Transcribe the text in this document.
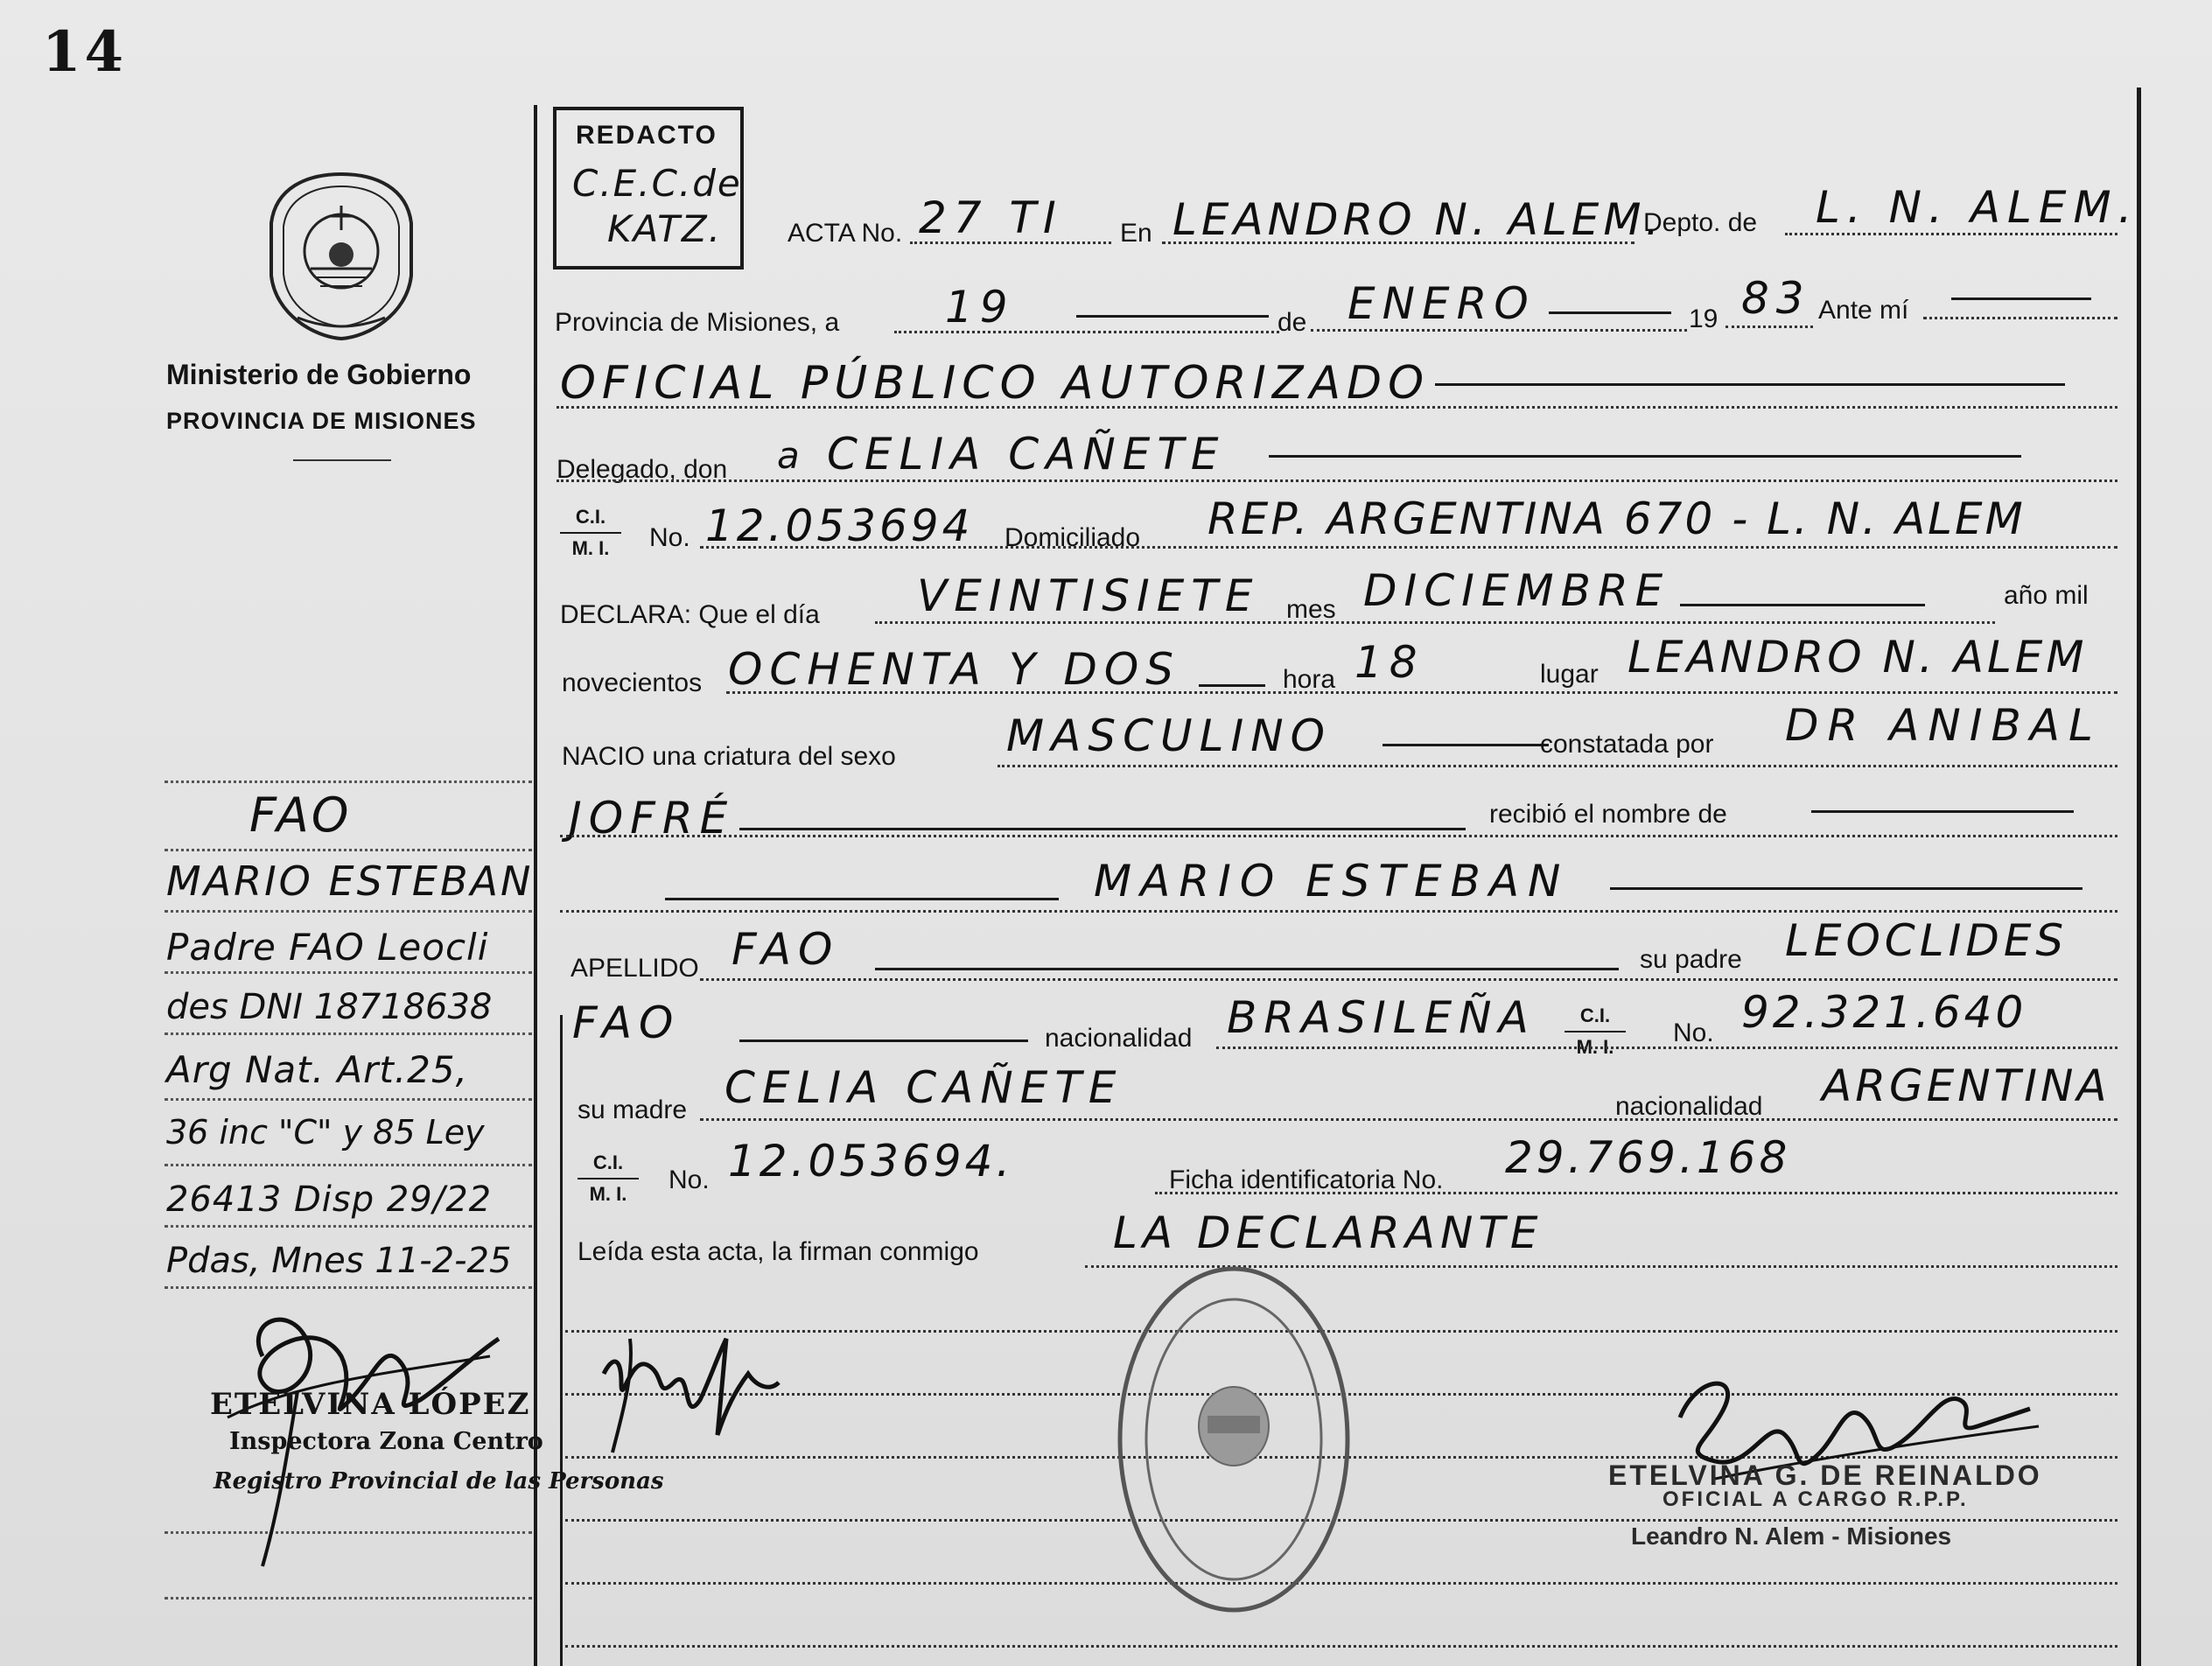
14
Ministerio de Gobierno
PROVINCIA DE MISIONES
FAO
MARIO ESTEBAN
Padre FAO Leocli
des DNI 18718638
Arg Nat. Art.25,
36 inc "C" y 85 Ley
26413 Disp 29/22
Pdas, Mnes 11-2-25
ETELVINA LÓPEZ
Inspectora Zona Centro
Registro Provincial de las Personas
REDACTO
C.E.C.de
KATZ.	ACTA No. 27 TI En LEANDRO N. ALEM.
Depto. de L. N. ALEM.
Provincia de Misiones, a 19	de ENERO	19 83 Ante mí
OFICIAL PÚBLICO AUTORIZADO
Delegado, don a CELIA CAÑETE
C.I.
M. I.	No. 12.053694 Domiciliado REP. ARGENTINA 670 - L. N. ALEM
DECLARA: Que el día VEINTISIETE mes DICIEMBRE	año mil
novecientos OCHENTA Y DOS	hora 18	lugar LEANDRO N. ALEM
NACIO una criatura del sexo	MASCULINO	constatada por DR ANIBAL
JOFRÉ	recibió el nombre de
MARIO ESTEBAN
APELLIDO FAO	su padre LEOCLIDES
FAO	nacionalidad BRASILEÑA	C.I.
M. I.	No. 92.321.640
su madre CELIA CAÑETE	nacionalidad ARGENTINA
C.I.
M. I.	No. 12.053694.	Ficha identificatoria No. 29.769.168
Leída esta acta, la firman conmigo	LA DECLARANTE
ETELVINA G. DE REINALDO
OFICIAL A CARGO R.P.P.
Leandro N. Alem - Misiones
